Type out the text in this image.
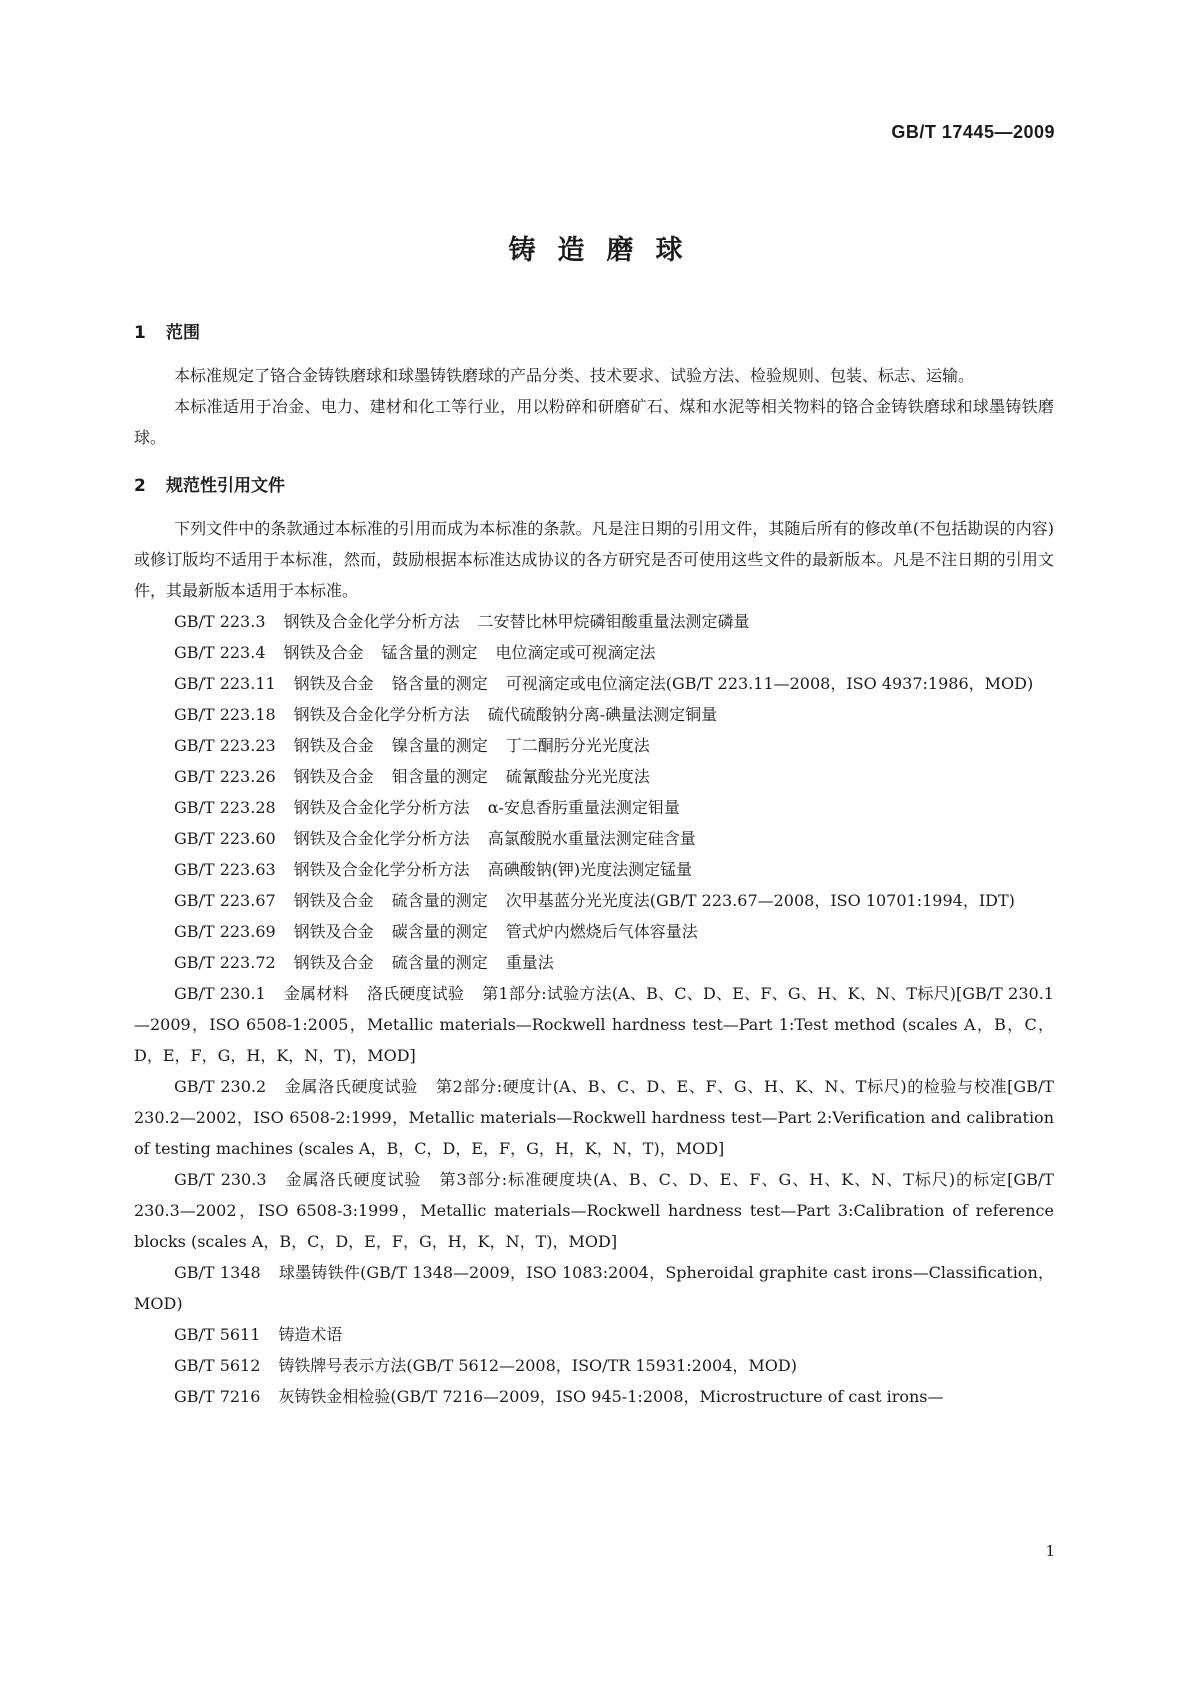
GB/T 17445—2009
铸造磨球
1 范围

本标准规定了铬合金铸铁磨球和球墨铸铁磨球的产品分类、技术要求、试验方法、检验规则、包装、标志、运输。

本标准适用于冶金、电力、建材和化工等行业，用以粉碎和研磨矿石、煤和水泥等相关物料的铬合金铸铁磨球和球墨铸铁磨球。

2 规范性引用文件

下列文件中的条款通过本标准的引用而成为本标准的条款。凡是注日期的引用文件，其随后所有的修改单(不包括勘误的内容)或修订版均不适用于本标准，然而，鼓励根据本标准达成协议的各方研究是否可使用这些文件的最新版本。凡是不注日期的引用文件，其最新版本适用于本标准。

GB/T 223.3 钢铁及合金化学分析方法 二安替比林甲烷磷钼酸重量法测定磷量

GB/T 223.4 钢铁及合金 锰含量的测定 电位滴定或可视滴定法

GB/T 223.11 钢铁及合金 铬含量的测定 可视滴定或电位滴定法(GB/T 223.11—2008，ISO 4937:1986，MOD)

GB/T 223.18 钢铁及合金化学分析方法 硫代硫酸钠分离-碘量法测定铜量

GB/T 223.23 钢铁及合金 镍含量的测定 丁二酮肟分光光度法

GB/T 223.26 钢铁及合金 钼含量的测定 硫氰酸盐分光光度法

GB/T 223.28 钢铁及合金化学分析方法 α-安息香肟重量法测定钼量

GB/T 223.60 钢铁及合金化学分析方法 高氯酸脱水重量法测定硅含量

GB/T 223.63 钢铁及合金化学分析方法 高碘酸钠(钾)光度法测定锰量

GB/T 223.67 钢铁及合金 硫含量的测定 次甲基蓝分光光度法(GB/T 223.67—2008，ISO 10701:1994，IDT)

GB/T 223.69 钢铁及合金 碳含量的测定 管式炉内燃烧后气体容量法

GB/T 223.72 钢铁及合金 硫含量的测定 重量法

GB/T 230.1 金属材料 洛氏硬度试验 第1部分:试验方法(A、B、C、D、E、F、G、H、K、N、T标尺)[GB/T 230.1—2009，ISO 6508-1:2005，Metallic materials—Rockwell hardness test—Part 1:Test method (scales A，B，C，D，E，F，G，H，K，N，T)，MOD]

GB/T 230.2 金属洛氏硬度试验 第2部分:硬度计(A、B、C、D、E、F、G、H、K、N、T标尺)的检验与校准[GB/T 230.2—2002，ISO 6508-2:1999，Metallic materials—Rockwell hardness test—Part 2:Verification and calibration of testing machines (scales A，B，C，D，E，F，G，H，K，N，T)，MOD]

GB/T 230.3 金属洛氏硬度试验 第3部分:标准硬度块(A、B、C、D、E、F、G、H、K、N、T标尺)的标定[GB/T 230.3—2002，ISO 6508-3:1999，Metallic materials—Rockwell hardness test—Part 3:Calibration of reference blocks (scales A，B，C，D，E，F，G，H，K，N，T)，MOD]

GB/T 1348 球墨铸铁件(GB/T 1348—2009，ISO 1083:2004，Spheroidal graphite cast irons—Classification，MOD)

GB/T 5611 铸造术语

GB/T 5612 铸铁牌号表示方法(GB/T 5612—2008，ISO/TR 15931:2004，MOD)

GB/T 7216 灰铸铁金相检验(GB/T 7216—2009，ISO 945-1:2008，Microstructure of cast irons—

1
